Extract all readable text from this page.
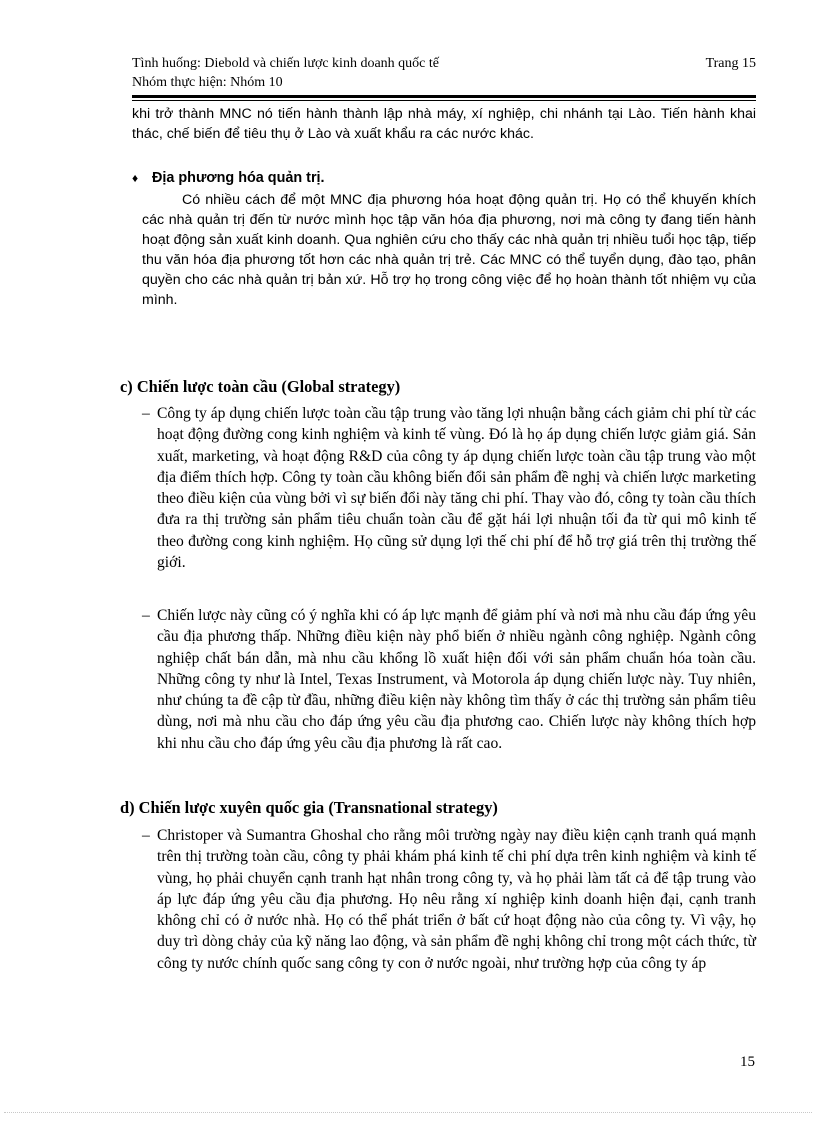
Tình huống: Diebold và chiến lược kinh doanh quốc tế	Trang 15
Nhóm thực hiện: Nhóm 10
khi trở thành MNC nó tiến hành thành lập nhà máy, xí nghiệp, chi nhánh tại Lào. Tiến hành khai thác, chế biến để tiêu thụ ở Lào và xuất khẩu ra các nước khác.
♦ Địa phương hóa quản trị.
Có nhiều cách để một MNC địa phương hóa hoạt động quản trị. Họ có thể khuyến khích các nhà quản trị đến từ nước mình học tập văn hóa địa phương, nơi mà công ty đang tiến hành hoạt động sản xuất kinh doanh. Qua nghiên cứu cho thấy các nhà quản trị nhiều tuổi học tập, tiếp thu văn hóa địa phương tốt hơn các nhà quản trị trẻ. Các MNC có thể tuyển dụng, đào tạo, phân quyền cho các nhà quản trị bản xứ. Hỗ trợ họ trong công việc để họ hoàn thành tốt nhiệm vụ của mình.
c) Chiến lược toàn cầu (Global strategy)
– Công ty áp dụng chiến lược toàn cầu tập trung vào tăng lợi nhuận bằng cách giảm chi phí từ các hoạt động đường cong kinh nghiệm và kinh tế vùng. Đó là họ áp dụng chiến lược giảm giá. Sản xuất, marketing, và hoạt động R&D của công ty áp dụng chiến lược toàn cầu tập trung vào một địa điểm thích hợp. Công ty toàn cầu không biến đổi sản phẩm đề nghị và chiến lược marketing theo điều kiện của vùng bởi vì sự biến đổi này tăng chi phí. Thay vào đó, công ty toàn cầu thích đưa ra thị trường sản phẩm tiêu chuẩn toàn cầu để gặt hái lợi nhuận tối đa từ qui mô kinh tế theo đường cong kinh nghiệm. Họ cũng sử dụng lợi thế chi phí để hỗ trợ giá trên thị trường thế giới.
– Chiến lược này cũng có ý nghĩa khi có áp lực mạnh để giảm phí và nơi mà nhu cầu đáp ứng yêu cầu địa phương thấp. Những điều kiện này phổ biến ở nhiều ngành công nghiệp. Ngành công nghiệp chất bán dẫn, mà nhu cầu khổng lồ xuất hiện đối với sản phẩm chuẩn hóa toàn cầu. Những công ty như là Intel, Texas Instrument, và Motorola áp dụng chiến lược này. Tuy nhiên, như chúng ta đề cập từ đầu, những điều kiện này không tìm thấy ở các thị trường sản phẩm tiêu dùng, nơi mà nhu cầu cho đáp ứng yêu cầu địa phương cao. Chiến lược này không thích hợp khi nhu cầu cho đáp ứng yêu cầu địa phương là rất cao.
d) Chiến lược xuyên quốc gia (Transnational strategy)
– Christoper và Sumantra Ghoshal cho rằng môi trường ngày nay điều kiện cạnh tranh quá mạnh trên thị trường toàn cầu, công ty phải khám phá kinh tế chi phí dựa trên kinh nghiệm và kinh tế vùng, họ phải chuyển cạnh tranh hạt nhân trong công ty, và họ phải làm tất cả để tập trung vào áp lực đáp ứng yêu cầu địa phương. Họ nêu rằng xí nghiệp kinh doanh hiện đại, cạnh tranh không chỉ có ở nước nhà. Họ có thể phát triển ở bất cứ hoạt động nào của công ty. Vì vậy, họ duy trì dòng chảy của kỹ năng lao động, và sản phẩm đề nghị không chỉ trong một cách thức, từ công ty nước chính quốc sang công ty con ở nước ngoài, như trường hợp của công ty áp
15
